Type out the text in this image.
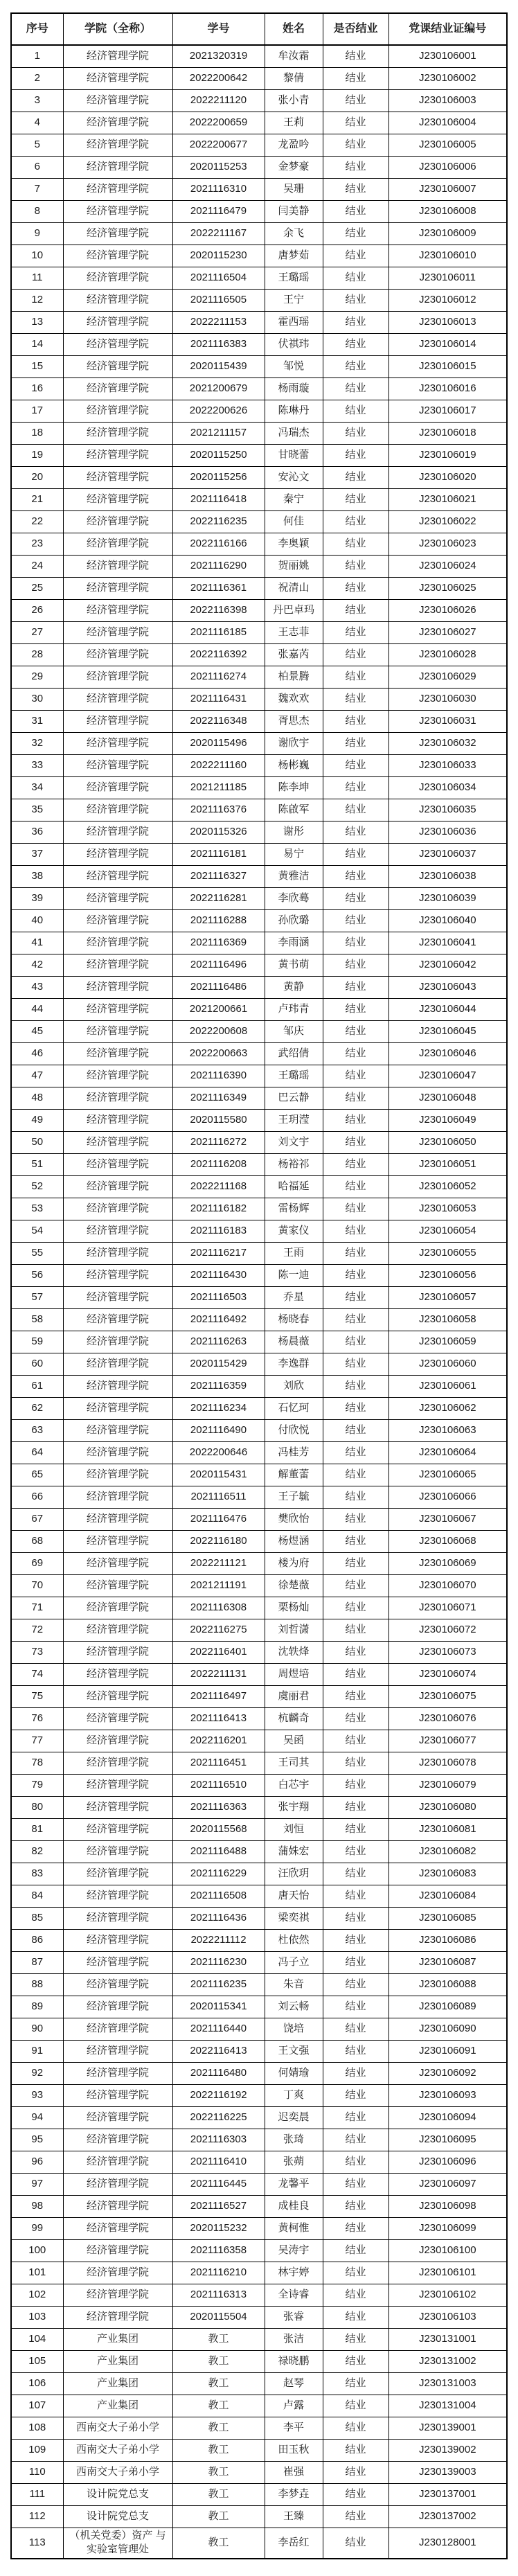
序号	学院（全称）	学号	姓名	是否结业	党课结业证编号
1	经济管理学院	2021320319	牟汝霜	结业	J230106001
2	经济管理学院	2022200642	黎倩	结业	J230106002
3	经济管理学院	2022211120	张小青	结业	J230106003
4	经济管理学院	2022200659	王莉	结业	J230106004
5	经济管理学院	2022200677	龙盈吟	结业	J230106005
6	经济管理学院	2020115253	金梦豪	结业	J230106006
7	经济管理学院	2021116310	吴珊	结业	J230106007
8	经济管理学院	2021116479	闫美静	结业	J230106008
9	经济管理学院	2022211167	余飞	结业	J230106009
10	经济管理学院	2020115230	唐梦茹	结业	J230106010
11	经济管理学院	2021116504	王璐瑶	结业	J230106011
12	经济管理学院	2021116505	王宁	结业	J230106012
13	经济管理学院	2022211153	霍西瑶	结业	J230106013
14	经济管理学院	2021116383	伏祺玮	结业	J230106014
15	经济管理学院	2020115439	邹悦	结业	J230106015
16	经济管理学院	2021200679	杨雨璇	结业	J230106016
17	经济管理学院	2022200626	陈琳丹	结业	J230106017
18	经济管理学院	2021211157	冯瑞杰	结业	J230106018
19	经济管理学院	2020115250	甘晓蕾	结业	J230106019
20	经济管理学院	2020115256	安沁文	结业	J230106020
21	经济管理学院	2021116418	秦宁	结业	J230106021
22	经济管理学院	2022116235	何佳	结业	J230106022
23	经济管理学院	2022116166	李奥颖	结业	J230106023
24	经济管理学院	2021116290	贺丽姚	结业	J230106024
25	经济管理学院	2021116361	祝清山	结业	J230106025
26	经济管理学院	2022116398	丹巴卓玛	结业	J230106026
27	经济管理学院	2021116185	王志菲	结业	J230106027
28	经济管理学院	2022116392	张嘉芮	结业	J230106028
29	经济管理学院	2021116274	柏景腾	结业	J230106029
30	经济管理学院	2021116431	魏欢欢	结业	J230106030
31	经济管理学院	2022116348	胥思杰	结业	J230106031
32	经济管理学院	2020115496	谢欣宇	结业	J230106032
33	经济管理学院	2022211160	杨彬巍	结业	J230106033
34	经济管理学院	2021211185	陈李坤	结业	J230106034
35	经济管理学院	2021116376	陈啟军	结业	J230106035
36	经济管理学院	2020115326	谢彤	结业	J230106036
37	经济管理学院	2021116181	易宁	结业	J230106037
38	经济管理学院	2021116327	黄雅洁	结业	J230106038
39	经济管理学院	2022116281	李欣蓦	结业	J230106039
40	经济管理学院	2021116288	孙欣璐	结业	J230106040
41	经济管理学院	2021116369	李雨涵	结业	J230106041
42	经济管理学院	2021116496	黄书萌	结业	J230106042
43	经济管理学院	2021116486	黄静	结业	J230106043
44	经济管理学院	2021200661	卢玮青	结业	J230106044
45	经济管理学院	2022200608	邹庆	结业	J230106045
46	经济管理学院	2022200663	武绍倩	结业	J230106046
47	经济管理学院	2021116390	王璐瑶	结业	J230106047
48	经济管理学院	2021116349	巴云静	结业	J230106048
49	经济管理学院	2020115580	王玥滢	结业	J230106049
50	经济管理学院	2021116272	刘文宇	结业	J230106050
51	经济管理学院	2021116208	杨裕祁	结业	J230106051
52	经济管理学院	2022211168	哈福延	结业	J230106052
53	经济管理学院	2021116182	雷杨辉	结业	J230106053
54	经济管理学院	2021116183	黄家仪	结业	J230106054
55	经济管理学院	2021116217	王雨	结业	J230106055
56	经济管理学院	2021116430	陈一迪	结业	J230106056
57	经济管理学院	2021116503	乔星	结业	J230106057
58	经济管理学院	2021116492	杨晓春	结业	J230106058
59	经济管理学院	2021116263	杨晨薇	结业	J230106059
60	经济管理学院	2020115429	李逸群	结业	J230106060
61	经济管理学院	2021116359	刘欣	结业	J230106061
62	经济管理学院	2021116234	石忆珂	结业	J230106062
63	经济管理学院	2021116490	付欣悦	结业	J230106063
64	经济管理学院	2022200646	冯桂芳	结业	J230106064
65	经济管理学院	2020115431	解董蕾	结业	J230106065
66	经济管理学院	2021116511	王子毓	结业	J230106066
67	经济管理学院	2021116476	樊欣怡	结业	J230106067
68	经济管理学院	2022116180	杨煜涵	结业	J230106068
69	经济管理学院	2022211121	楼为府	结业	J230106069
70	经济管理学院	2021211191	徐楚薇	结业	J230106070
71	经济管理学院	2021116308	栗杨灿	结业	J230106071
72	经济管理学院	2022116275	刘哲潇	结业	J230106072
73	经济管理学院	2022116401	沈轶烽	结业	J230106073
74	经济管理学院	2022211131	周煜培	结业	J230106074
75	经济管理学院	2021116497	虞丽君	结业	J230106075
76	经济管理学院	2021116413	杭麟奇	结业	J230106076
77	经济管理学院	2022116201	吴函	结业	J230106077
78	经济管理学院	2021116451	王司其	结业	J230106078
79	经济管理学院	2021116510	白芯宇	结业	J230106079
80	经济管理学院	2021116363	张宇翔	结业	J230106080
81	经济管理学院	2020115568	刘恒	结业	J230106081
82	经济管理学院	2021116488	蒲姝宏	结业	J230106082
83	经济管理学院	2021116229	汪欣玥	结业	J230106083
84	经济管理学院	2021116508	唐天怡	结业	J230106084
85	经济管理学院	2021116436	梁奕祺	结业	J230106085
86	经济管理学院	2022211112	杜依然	结业	J230106086
87	经济管理学院	2021116230	冯子立	结业	J230106087
88	经济管理学院	2021116235	朱音	结业	J230106088
89	经济管理学院	2020115341	刘云畅	结业	J230106089
90	经济管理学院	2021116440	饶培	结业	J230106090
91	经济管理学院	2022116413	王文强	结业	J230106091
92	经济管理学院	2021116480	何婧瑜	结业	J230106092
93	经济管理学院	2022116192	丁爽	结业	J230106093
94	经济管理学院	2022116225	迟奕晨	结业	J230106094
95	经济管理学院	2021116303	张琦	结业	J230106095
96	经济管理学院	2021116410	张蒴	结业	J230106096
97	经济管理学院	2021116445	龙馨平	结业	J230106097
98	经济管理学院	2021116527	成桂良	结业	J230106098
99	经济管理学院	2020115232	黄柯惟	结业	J230106099
100	经济管理学院	2021116358	吴涛宇	结业	J230106100
101	经济管理学院	2021116210	林宇婷	结业	J230106101
102	经济管理学院	2021116313	全诗睿	结业	J230106102
103	经济管理学院	2020115504	张睿	结业	J230106103
104	产业集团	教工	张洁	结业	J230131001
105	产业集团	教工	禄晓鹏	结业	J230131002
106	产业集团	教工	赵琴	结业	J230131003
107	产业集团	教工	卢露	结业	J230131004
108	西南交大子弟小学	教工	李平	结业	J230139001
109	西南交大子弟小学	教工	田玉秋	结业	J230139002
110	西南交大子弟小学	教工	崔强	结业	J230139003
111	设计院党总支	教工	李梦垚	结业	J230137001
112	设计院党总支	教工	王臻	结业	J230137002
113	（机关党委）资产 与实验室管理处	教工	李岳红	结业	J230128001
